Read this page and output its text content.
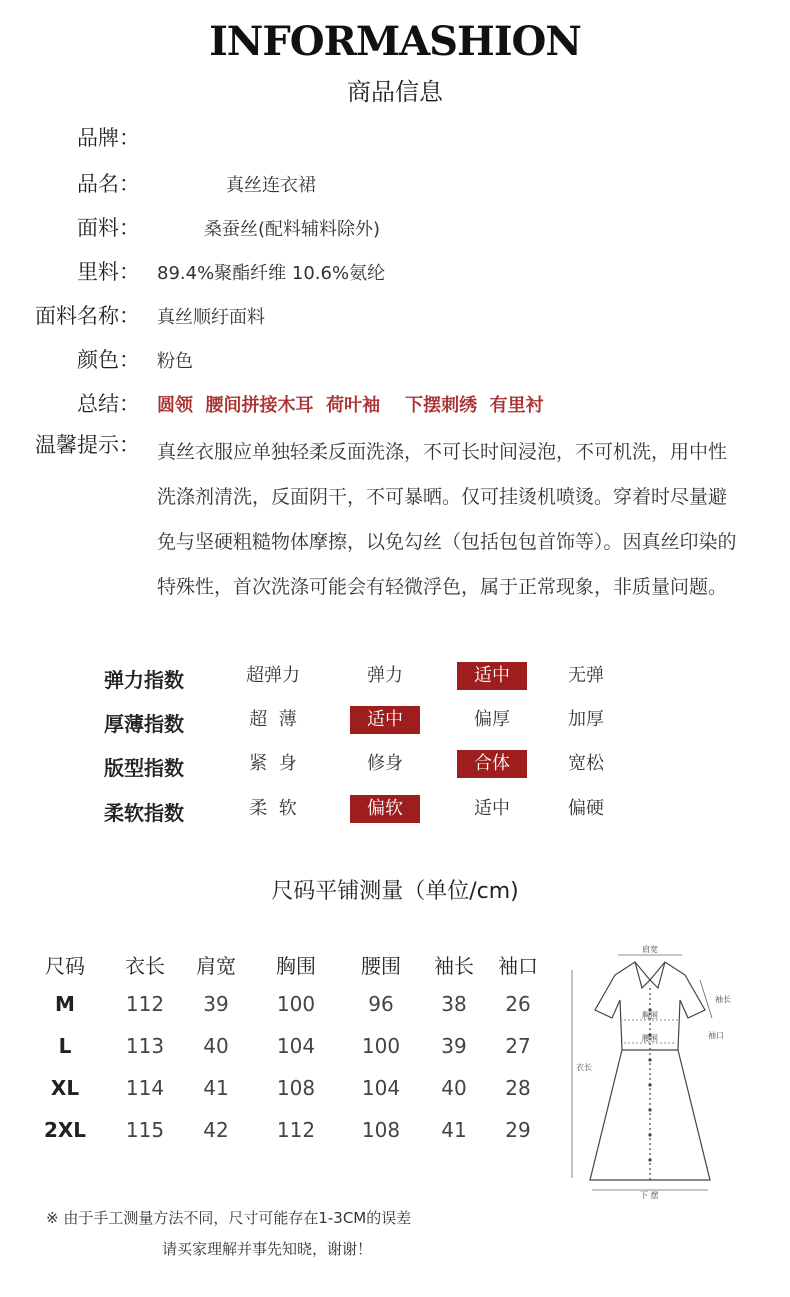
INFORMASHION
商品信息
品牌：
品名：	真丝连衣裙
面料：	桑蚕丝(配料辅料除外)
里料： 89.4%聚酯纤维 10.6%氨纶
面料名称： 真丝顺纡面料
颜色： 粉色
总结： 圆领  腰间拼接木耳  荷叶袖    下摆刺绣  有里衬
温馨提示： 真丝衣服应单独轻柔反面洗涤，不可长时间浸泡，不可机洗，用中性洗涤剂清洗，反面阴干，不可暴晒。仅可挂烫机喷烫。穿着时尽量避免与坚硬粗糙物体摩擦，以免勾丝（包括包包首饰等）。因真丝印染的特殊性，首次洗涤可能会有轻微浮色，属于正常现象，非质量问题。
弹力指数	超弹力	弹力	适中	无弹
厚薄指数	超  薄	适中	偏厚	加厚
版型指数	紧  身	修身	合体	宽松
柔软指数	柔  软	偏软	适中	偏硬
尺码平铺测量（单位/cm)
尺码	衣长	肩宽	胸围	腰围	袖长	袖口
M	112	39	100	96	38	26
L	113	40	104	100	39	27
XL	114	41	108	104	40	28
2XL	115	42	112	108	41	29
肩宽
袖长
胸围
袖口
腰围
衣长
下 摆
※ 由于手工测量方法不同，尺寸可能存在1-3CM的误差
请买家理解并事先知晓，谢谢！
